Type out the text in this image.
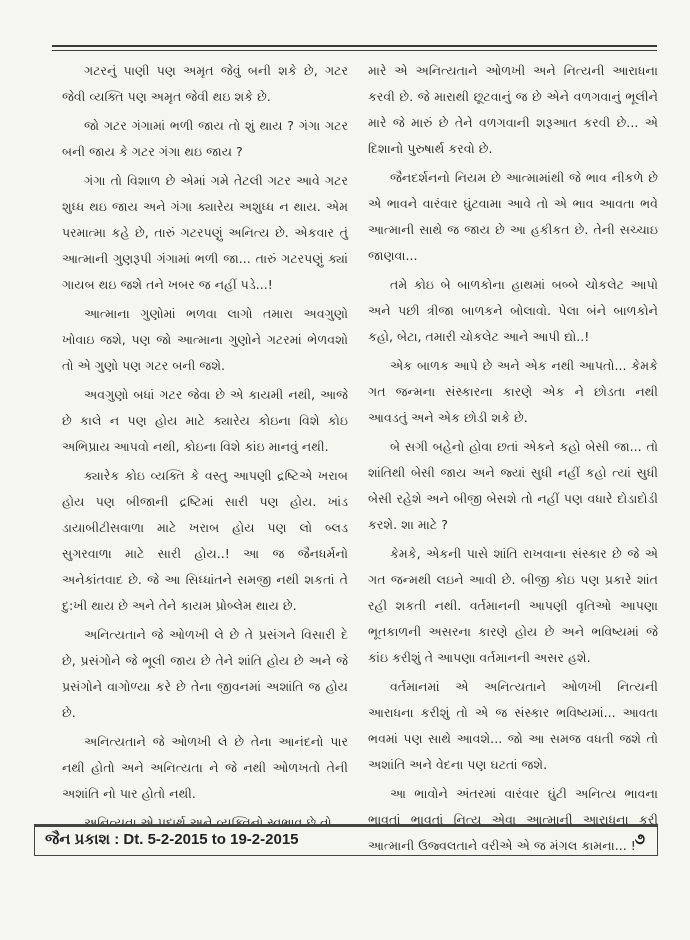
ગટરનું પાણી પણ અમૃત જેવું બની શકે છે, ગટર જેવી વ્યક્તિ પણ અમૃત જેવી થઇ શકે છે.

જો ગટર ગંગામાં ભળી જાય તો શું થાય ? ગંગા ગટર બની જાય કે ગટર ગંગા થઇ જાય ?

ગંગા તો વિશાળ છે એમાં ગમે તેટલી ગટર આવે ગટર શુધ્ધ થઇ જાય અને ગંગા ક્યારેય અશુધ્ધ ન થાય. એમ પરમાત્મા કહે છે, તારું ગટરપણું અનિત્ય છે. એકવાર તું આત્માની ગુણરૂપી ગંગામાં ભળી જા... તારું ગટરપણું ક્યાં ગાયબ થઇ જશે તને ખબર જ નહીં પડે...!

આત્માના ગુણોમાં ભળવા લાગો તમારા અવગુણો ખોવાઇ જશે, પણ જો આત્માના ગુણોને ગટરમાં ભેળવશો તો એ ગુણો પણ ગટર બની જશે.

અવગુણો બધાં ગટર જેવા છે એ કાયમી નથી, આજે છે કાલે ન પણ હોય માટે ક્યારેય કોઇના વિશે કોઇ અભિપ્રાય આપવો નથી, કોઇના વિશે કાંઇ માનવું નથી.

ક્યારેક કોઇ વ્યક્તિ કે વસ્તુ આપણી દ્રષ્ટિએ ખરાબ હોય પણ બીજાની દ્રષ્ટિમાં સારી પણ હોય. ખાંડ ડાયાબીટીસવાળા માટે ખરાબ હોય પણ લો બ્લડ સુગરવાળા માટે સારી હોય..! આ જ જૈનધર્મનો અનેકાંતવાદ છે. જે આ સિધ્ધાંતને સમજી નથી શકતાં તે દુ:ખી થાય છે અને તેને કાયમ પ્રોબ્લેમ થાય છે.

અનિત્યતાને જે ઓળખી લે છે તે પ્રસંગને વિસારી દે છે, પ્રસંગોને જે ભૂલી જાય છે તેને શાંતિ હોય છે અને જે પ્રસંગોને વાગોળ્યા કરે છે તેના જીવનમાં અશાંતિ જ હોય છે.

અનિત્યતાને જે ઓળખી લે છે તેના આનંદનો પાર નથી હોતો અને અનિત્યતા ને જે નથી ઓળખતો તેની અશાંતિ નો પાર હોતો નથી.

અનિત્યતા એ પદાર્થ અને વ્યક્તિનો સ્વભાવ છે તો

મારે એ અનિત્યતાને ઓળખી અને નિત્યની આરાધના કરવી છે. જે મારાથી છૂટવાનું જ છે એને વળગવાનું ભૂલીને મારે જે મારું છે તેને વળગવાની શરૂઆત કરવી છે... એ દિશાનો પુરુષાર્થ કરવો છે.

જૈનદર્શનનો નિયમ છે આત્મામાંથી જે ભાવ નીકળે છે એ ભાવને વારંવાર ઘુંટવામા આવે તો એ ભાવ આવતા ભવે આત્માની સાથે જ જાય છે આ હકીકત છે. તેની સચ્ચાઇ જાણવા...

તમે કોઇ બે બાળકોના હાથમાં બબ્બે ચોકલેટ આપો અને પછી ત્રીજા બાળકને બોલાવો. પેલા બંને બાળકોને કહો, બેટા, તમારી ચોકલેટ આને આપી દ્યો..!

એક બાળક આપે છે અને એક નથી આપતો... કેમકે ગત જન્મના સંસ્કારના કારણે એક ને છોડતા નથી આવડતું અને એક છોડી શકે છે.

બે સગી બહેનો હોવા છતાં એકને કહો બેસી જા... તો શાંતિથી બેસી જાય અને જ્યાં સુધી નહીં કહો ત્યાં સુધી બેસી રહેશે અને બીજી બેસશે તો નહીં પણ વધારે દોડાદોડી કરશે. શા માટે ?

કેમકે, એકની પાસે શાંતિ રાખવાના સંસ્કાર છે જે એ ગત જન્મથી લઇને આવી છે. બીજી કોઇ પણ પ્રકારે શાંત રહી શકતી નથી. વર્તમાનની આપણી વૃતિઓ આપણા ભૂતકાળની અસરના કારણે હોય છે અને ભવિષ્યમાં જે કાંઇ કરીશું તે આપણા વર્તમાનની અસર હશે.

વર્તમાનમાં એ અનિત્યતાને ઓળખી નિત્યની આરાધના કરીશું તો એ જ સંસ્કાર ભવિષ્યમાં... આવતા ભવમાં પણ સાથે આવશે... જો આ સમજ વધતી જશે તો અશાંતિ અને વેદના પણ ઘટતાં જશે.

આ ભાવોને અંતરમાં વારંવાર ઘુંટી અનિત્ય ભાવના ભાવતાં ભાવતાં નિત્ય એવા આત્માની આરાધના કરી આત્માની ઉજ્વલતાને વરીએ એ જ મંગલ કામના... !

જૈન પ્રકાશ : Dt. 5-2-2015 to 19-2-2015	૭
